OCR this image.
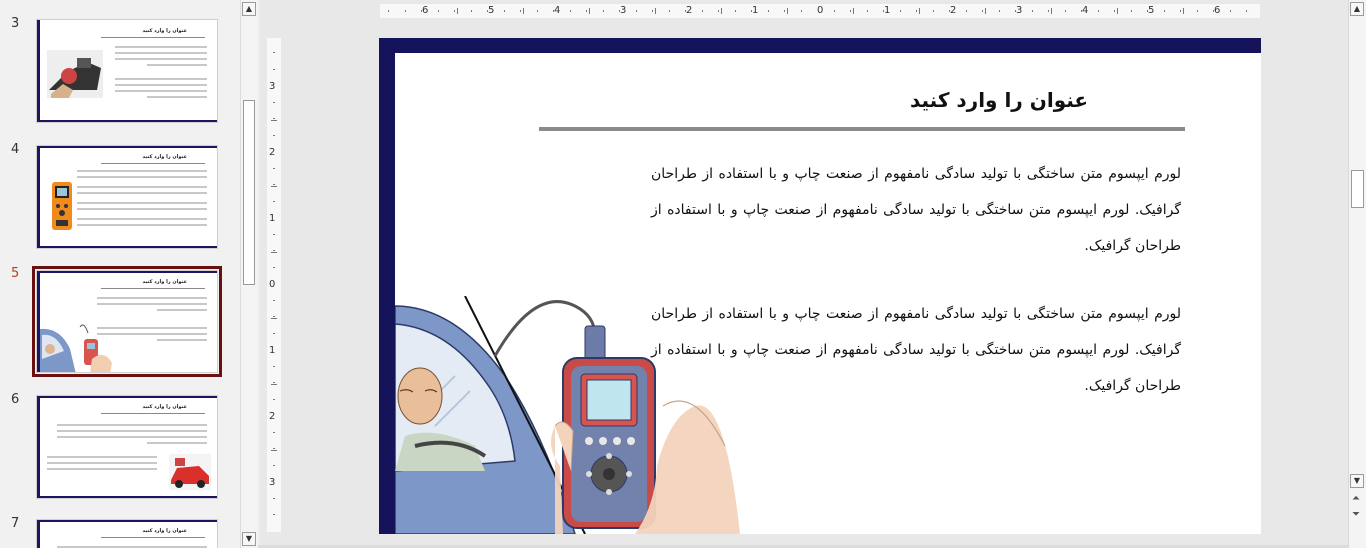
3	عنوان را وارد کنید
4	عنوان را وارد کنید
5
عنوان را وارد کنید
6	عنوان را وارد کنید
7	عنوان را وارد کنید
▲
▼
6	5	4	3	2	1	0	1	2	3	4	5	6
3
2
1
0
1
2
3
عنوان را وارد کنید
لورم ایپسوم متن ساختگی با تولید سادگی نامفهوم از صنعت چاپ و با استفاده از طراحان گرافیک. لورم ایپسوم متن ساختگی با تولید سادگی نامفهوم از صنعت چاپ و با استفاده از طراحان گرافیک.
لورم ایپسوم متن ساختگی با تولید سادگی نامفهوم از صنعت چاپ و با استفاده از طراحان گرافیک. لورم ایپسوم متن ساختگی با تولید سادگی نامفهوم از صنعت چاپ و با استفاده از طراحان گرافیک.
▲
▼
⏶
⏷
